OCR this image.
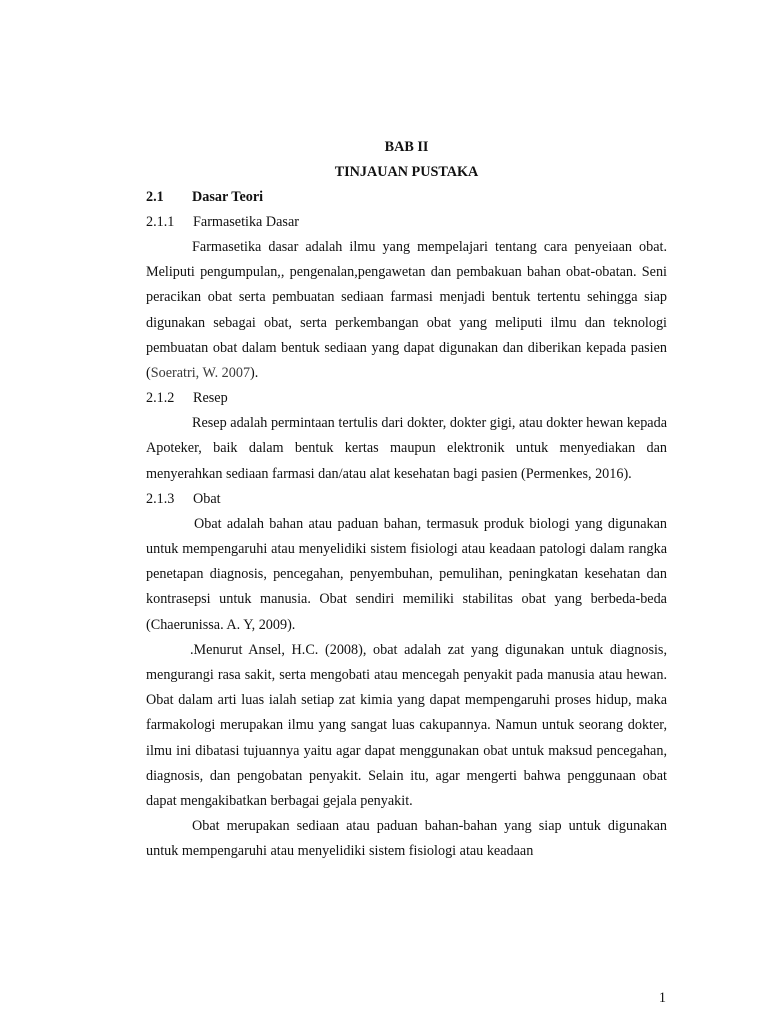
BAB II
TINJAUAN PUSTAKA
2.1 Dasar Teori
2.1.1 Farmasetika Dasar

Farmasetika dasar adalah ilmu yang mempelajari tentang cara penyeiaan obat. Meliputi pengumpulan,, pengenalan,pengawetan dan pembakuan bahan obat-obatan. Seni peracikan obat serta pembuatan sediaan farmasi menjadi bentuk tertentu sehingga siap digunakan sebagai obat, serta perkembangan obat yang meliputi ilmu dan teknologi pembuatan obat dalam bentuk sediaan yang dapat digunakan dan diberikan kepada pasien (Soeratri, W. 2007).

2.1.2 Resep

Resep adalah permintaan tertulis dari dokter, dokter gigi, atau dokter hewan kepada Apoteker, baik dalam bentuk kertas maupun elektronik untuk menyediakan dan menyerahkan sediaan farmasi dan/atau alat kesehatan bagi pasien (Permenkes, 2016).

2.1.3 Obat

Obat adalah bahan atau paduan bahan, termasuk produk biologi yang digunakan untuk mempengaruhi atau menyelidiki sistem fisiologi atau keadaan patologi dalam rangka penetapan diagnosis, pencegahan, penyembuhan, pemulihan, peningkatan kesehatan dan kontrasepsi untuk manusia. Obat sendiri memiliki stabilitas obat yang berbeda-beda (Chaerunissa. A. Y, 2009).

.Menurut Ansel, H.C. (2008), obat adalah zat yang digunakan untuk diagnosis, mengurangi rasa sakit, serta mengobati atau mencegah penyakit pada manusia atau hewan. Obat dalam arti luas ialah setiap zat kimia yang dapat mempengaruhi proses hidup, maka farmakologi merupakan ilmu yang sangat luas cakupannya. Namun untuk seorang dokter, ilmu ini dibatasi tujuannya yaitu agar dapat menggunakan obat untuk maksud pencegahan, diagnosis, dan pengobatan penyakit. Selain itu, agar mengerti bahwa penggunaan obat dapat mengakibatkan berbagai gejala penyakit.

Obat merupakan sediaan atau paduan bahan-bahan yang siap untuk digunakan untuk mempengaruhi atau menyelidiki sistem fisiologi atau keadaan

1
